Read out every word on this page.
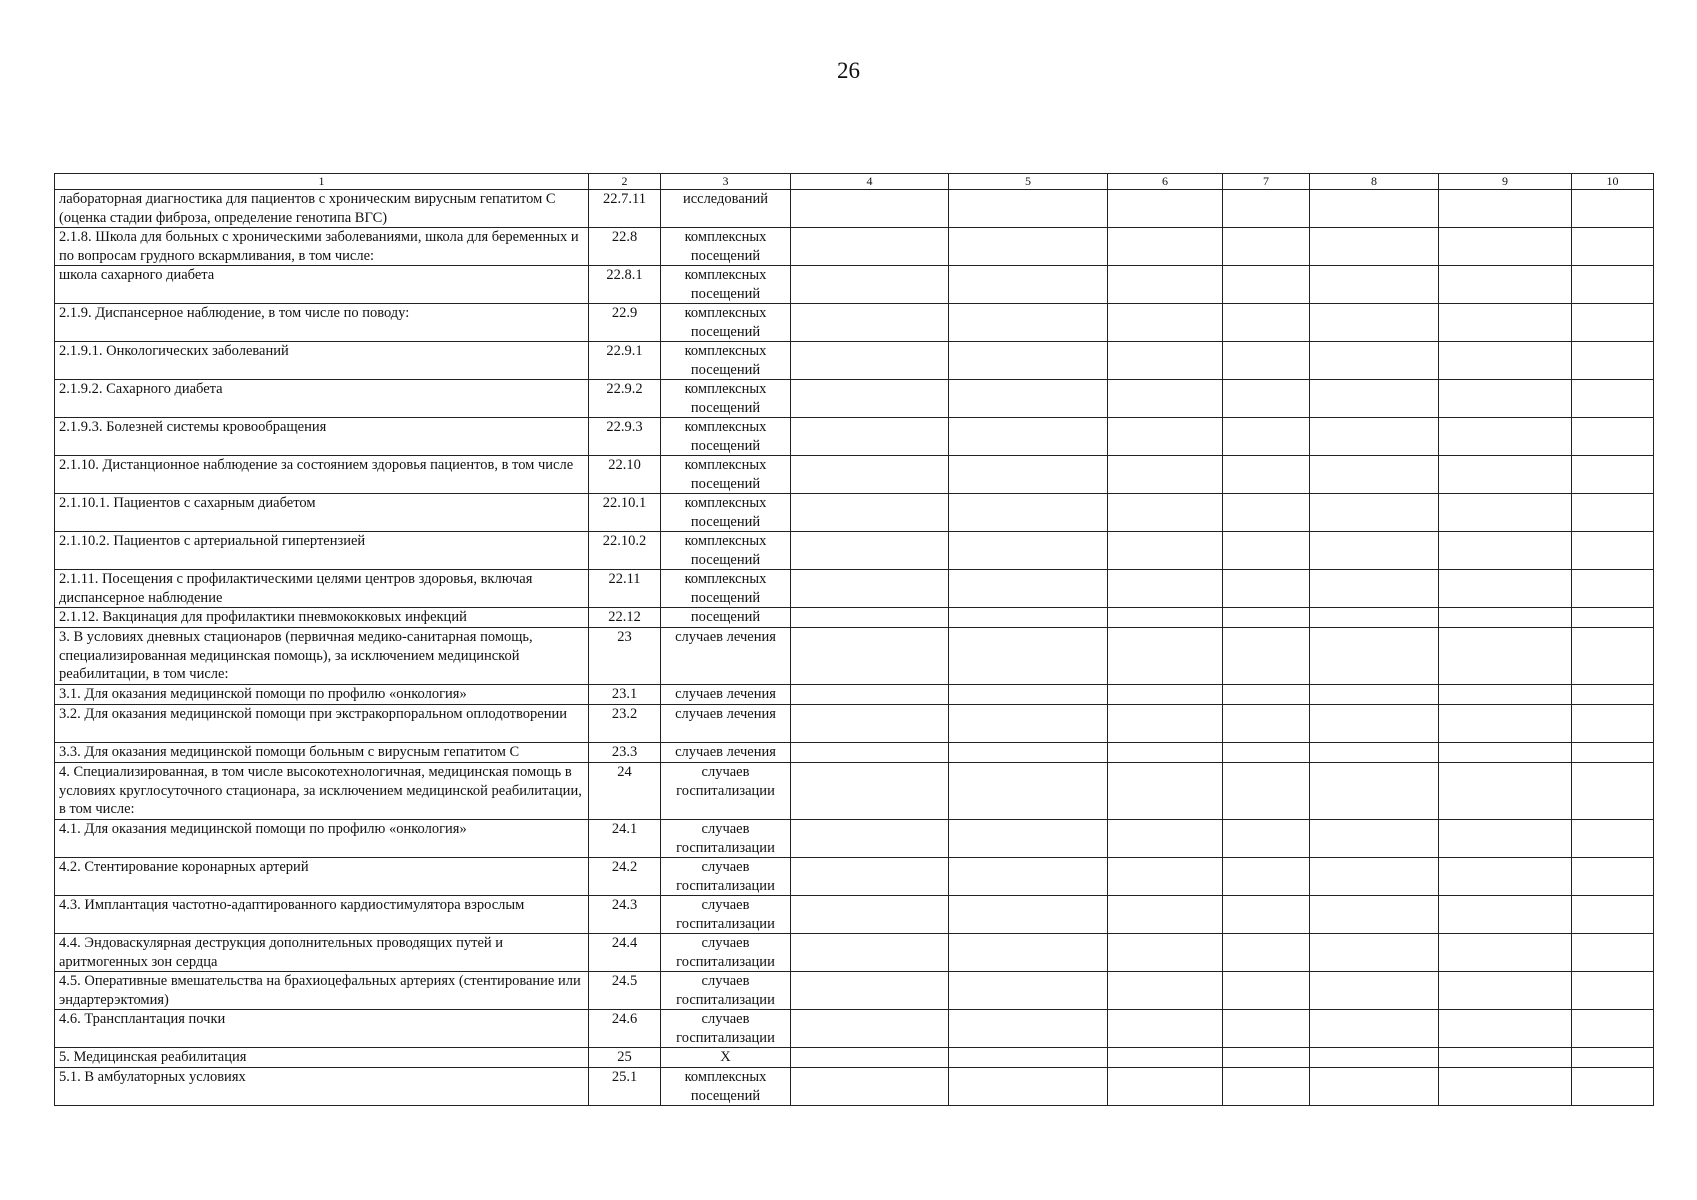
26
1	2	3	4	5	6	7	8	9	10
лабораторная диагностика для пациентов с хроническим вирусным гепатитом С (оценка стадии фиброза, определение генотипа ВГС)	22.7.11	исследований							
2.1.8. Школа для больных с хроническими заболеваниями, школа для беременных и по вопросам грудного вскармливания, в том числе:	22.8	комплексных посещений							
школа сахарного диабета	22.8.1	комплексных посещений							
2.1.9. Диспансерное наблюдение, в том числе по поводу:	22.9	комплексных посещений							
2.1.9.1. Онкологических заболеваний	22.9.1	комплексных посещений							
2.1.9.2. Сахарного диабета	22.9.2	комплексных посещений							
2.1.9.3. Болезней системы кровообращения	22.9.3	комплексных посещений							
2.1.10. Дистанционное наблюдение за состоянием здоровья пациентов, в том числе	22.10	комплексных посещений							
2.1.10.1. Пациентов с сахарным диабетом	22.10.1	комплексных посещений							
2.1.10.2. Пациентов с артериальной гипертензией	22.10.2	комплексных посещений							
2.1.11. Посещения с профилактическими целями центров здоровья, включая диспансерное наблюдение	22.11	комплексных посещений							
2.1.12. Вакцинация для профилактики пневмококковых инфекций	22.12	посещений							
3. В условиях дневных стационаров (первичная медико-санитарная помощь, специализированная медицинская помощь), за исключением медицинской реабилитации, в том числе:	23	случаев лечения							
3.1. Для оказания медицинской помощи по профилю «онкология»	23.1	случаев лечения							
3.2. Для оказания медицинской помощи при экстракорпоральном оплодотворении	23.2	случаев лечения							
3.3. Для оказания медицинской помощи больным с вирусным гепатитом С	23.3	случаев лечения							
4. Специализированная, в том числе высокотехнологичная, медицинская помощь в условиях круглосуточного стационара, за исключением медицинской реабилитации, в том числе:	24	случаев госпитализации							
4.1. Для оказания медицинской помощи по профилю «онкология»	24.1	случаев госпитализации							
4.2. Стентирование коронарных артерий	24.2	случаев госпитализации							
4.3. Имплантация частотно-адаптированного кардиостимулятора взрослым	24.3	случаев госпитализации							
4.4. Эндоваскулярная деструкция дополнительных проводящих путей и аритмогенных зон сердца	24.4	случаев госпитализации							
4.5. Оперативные вмешательства на брахиоцефальных артериях (стентирование или эндартерэктомия)	24.5	случаев госпитализации							
4.6. Трансплантация почки	24.6	случаев госпитализации							
5. Медицинская реабилитация	25	Х							
5.1. В амбулаторных условиях	25.1	комплексных посещений							
